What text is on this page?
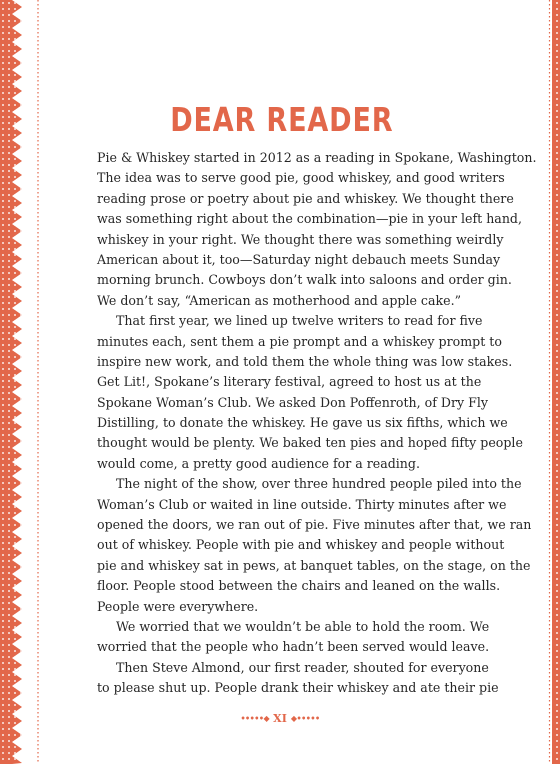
DEAR READER
Pie & Whiskey started in 2012 as a reading in Spokane, Washington.
The idea was to serve good pie, good whiskey, and good writers
reading prose or poetry about pie and whiskey. We thought there
was something right about the combination—pie in your left hand,
whiskey in your right. We thought there was something weirdly
American about it, too—Saturday night debauch meets Sunday
morning brunch. Cowboys don’t walk into saloons and order gin.
We don’t say, “American as motherhood and apple cake.”
That first year, we lined up twelve writers to read for five
minutes each, sent them a pie prompt and a whiskey prompt to
inspire new work, and told them the whole thing was low stakes.
Get Lit!, Spokane’s literary festival, agreed to host us at the
Spokane Woman’s Club. We asked Don Poffenroth, of Dry Fly
Distilling, to donate the whiskey. He gave us six fifths, which we
thought would be plenty. We baked ten pies and hoped fifty people
would come, a pretty good audience for a reading.
The night of the show, over three hundred people piled into the
Woman’s Club or waited in line outside. Thirty minutes after we
opened the doors, we ran out of pie. Five minutes after that, we ran
out of whiskey. People with pie and whiskey and people without
pie and whiskey sat in pews, at banquet tables, on the stage, on the
floor. People stood between the chairs and leaned on the walls.
People were everywhere.
We worried that we wouldn’t be able to hold the room. We
worried that the people who hadn’t been served would leave.
Then Steve Almond, our first reader, shouted for everyone
to please shut up. People drank their whiskey and ate their pie
•••••◆ XI ◆•••••
